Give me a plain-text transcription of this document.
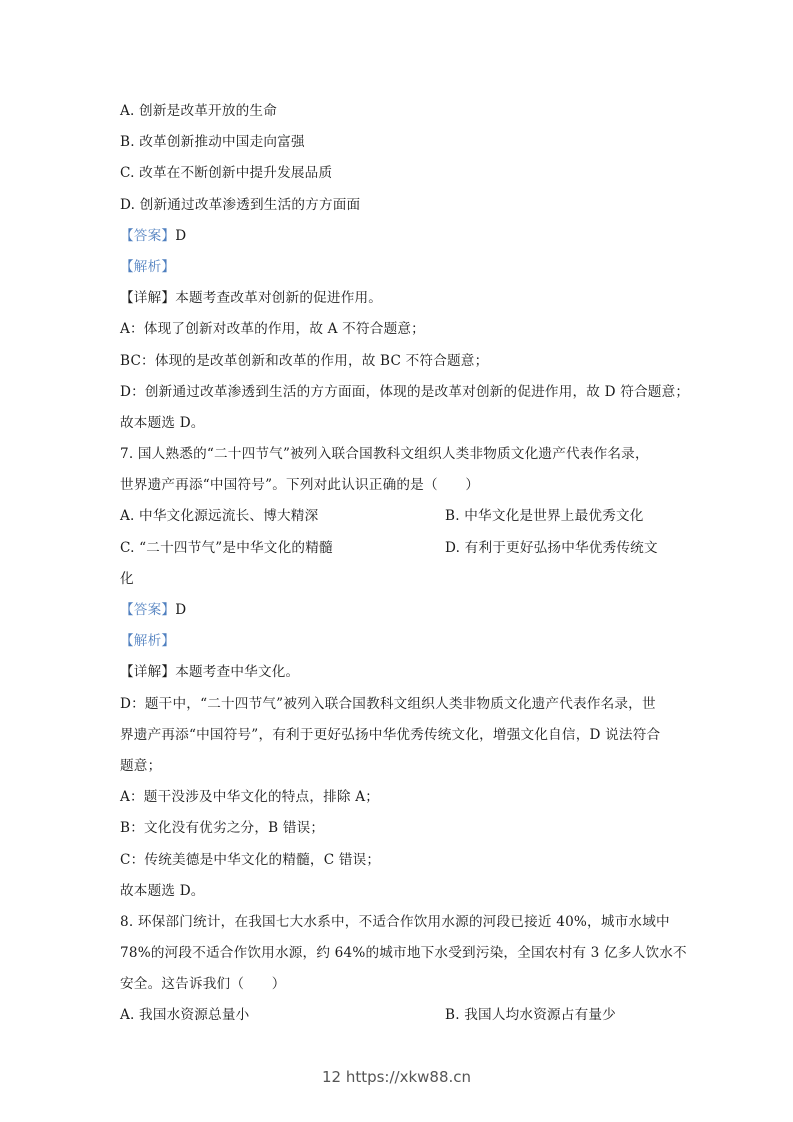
A. 创新是改革开放的生命
B. 改革创新推动中国走向富强
C. 改革在不断创新中提升发展品质
D. 创新通过改革渗透到生活的方方面面
【答案】D
【解析】
【详解】本题考查改革对创新的促进作用。
A：体现了创新对改革的作用，故 A 不符合题意；
BC：体现的是改革创新和改革的作用，故 BC 不符合题意；
D：创新通过改革渗透到生活的方方面面，体现的是改革对创新的促进作用，故 D 符合题意；
故本题选 D。
7. 国人熟悉的“二十四节气”被列入联合国教科文组织人类非物质文化遗产代表作名录，
世界遗产再添“中国符号”。下列对此认识正确的是（　　）
A. 中华文化源远流长、博大精深	B. 中华文化是世界上最优秀文化
C. “二十四节气”是中华文化的精髓	D. 有利于更好弘扬中华优秀传统文
化
【答案】D
【解析】
【详解】本题考查中华文化。
D：题干中，“二十四节气”被列入联合国教科文组织人类非物质文化遗产代表作名录，世
界遗产再添“中国符号”，有利于更好弘扬中华优秀传统文化，增强文化自信，D 说法符合
题意；
A：题干没涉及中华文化的特点，排除 A；
B：文化没有优劣之分，B 错误；
C：传统美德是中华文化的精髓，C 错误；
故本题选 D。
8. 环保部门统计，在我国七大水系中，不适合作饮用水源的河段已接近 40%，城市水域中
78%的河段不适合作饮用水源，约 64%的城市地下水受到污染，全国农村有 3 亿多人饮水不
安全。这告诉我们（　　）
A. 我国水资源总量小	B. 我国人均水资源占有量少
12 https://xkw88.cn
